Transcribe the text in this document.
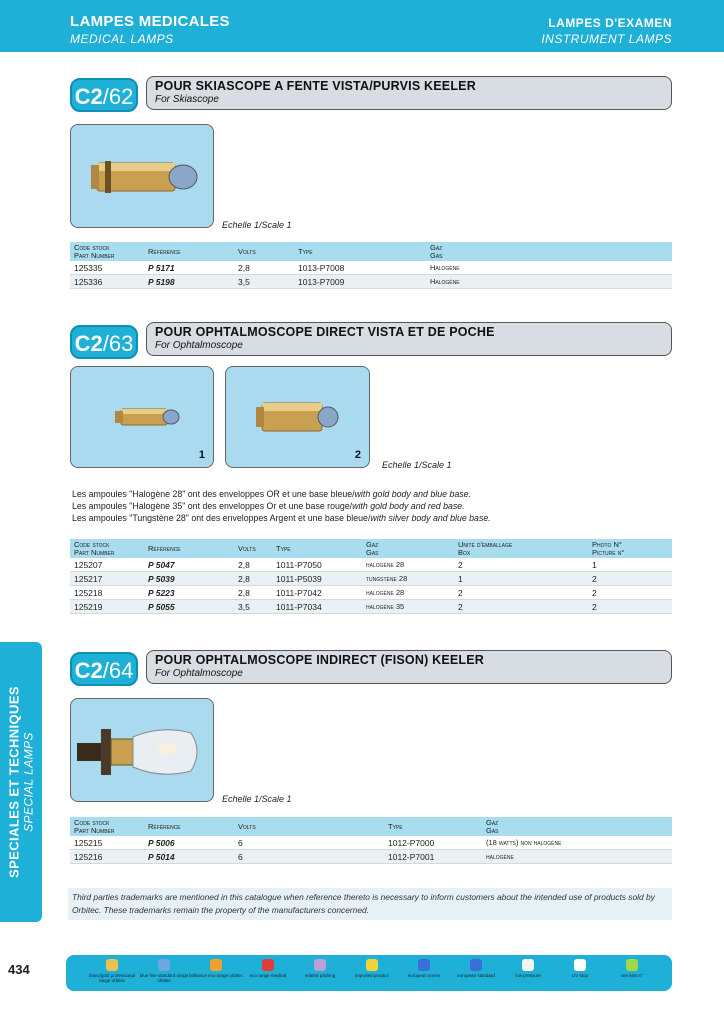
LAMPES MEDICALES
MEDICAL LAMPS
LAMPES D'EXAMEN
INSTRUMENT LAMPS
SPECIALES ET TECHNIQUES SPECIAL LAMPS
434
C2/62	POUR SKIASCOPE A FENTE VISTA/PURVIS KEELER
For Skiascope
Echelle 1/Scale 1
Code stock
Part Number	Référence	Volts	Type	Gaz
Gas
125335	P 5171	2,8	1013-P7008	Halogène
125336	P 5198	3,5	1013-P7009	Halogène
C2/63	POUR OPHTALMOSCOPE DIRECT VISTA ET DE POCHE
For Ophtalmoscope
1	2
Echelle 1/Scale 1
Les ampoules "Halogène 28" ont des enveloppes OR et une base bleue/with gold body and blue base.
Les ampoules "Halogène 35" ont des enveloppes Or et une base rouge/with gold body and red base.
Les ampoules "Tungstène 28" ont des enveloppes Argent et une base bleue/with silver body and blue base.
Code stock
Part Number	Référence	Volts	Type	Gaz
Gas
Unité d'emballage
Box
Photo N°
Picture n°
125207	P 5047	2,8	1011-P7050	halogène 28	2	1
125217	P 5039	2,8	1011-P5039	tungstène 28	1	2
125218	P 5223	2,8	1011-P7042	halogène 28	2	2
125219	P 5055	3,5	1011-P7034	halogène 35	2	2
C2/64	POUR OPHTALMOSCOPE INDIRECT (FISON) KEELER
For Ophtalmoscope
Echelle 1/Scale 1
Code stock
Part Number	Référence	Volts	Type	Gaz
Gas
125215	P 5006	6	1012-P7000	(18 watts) non halogène
125216	P 5014	6	1012-P7001	halogène
Third parties trademarks are mentioned in this catalogue when reference thereto is necessary to inform customers about the intended use of products sold by Orbitec. These trademarks remain the property of the manufacturers concerned.
blanc/gold professional range orbitec
blue line standard range orbitec
brilliance eco range orbitec	eco range medical	related packing	imported product	european norms	european standard	low pressure	UV stop	see item n°
